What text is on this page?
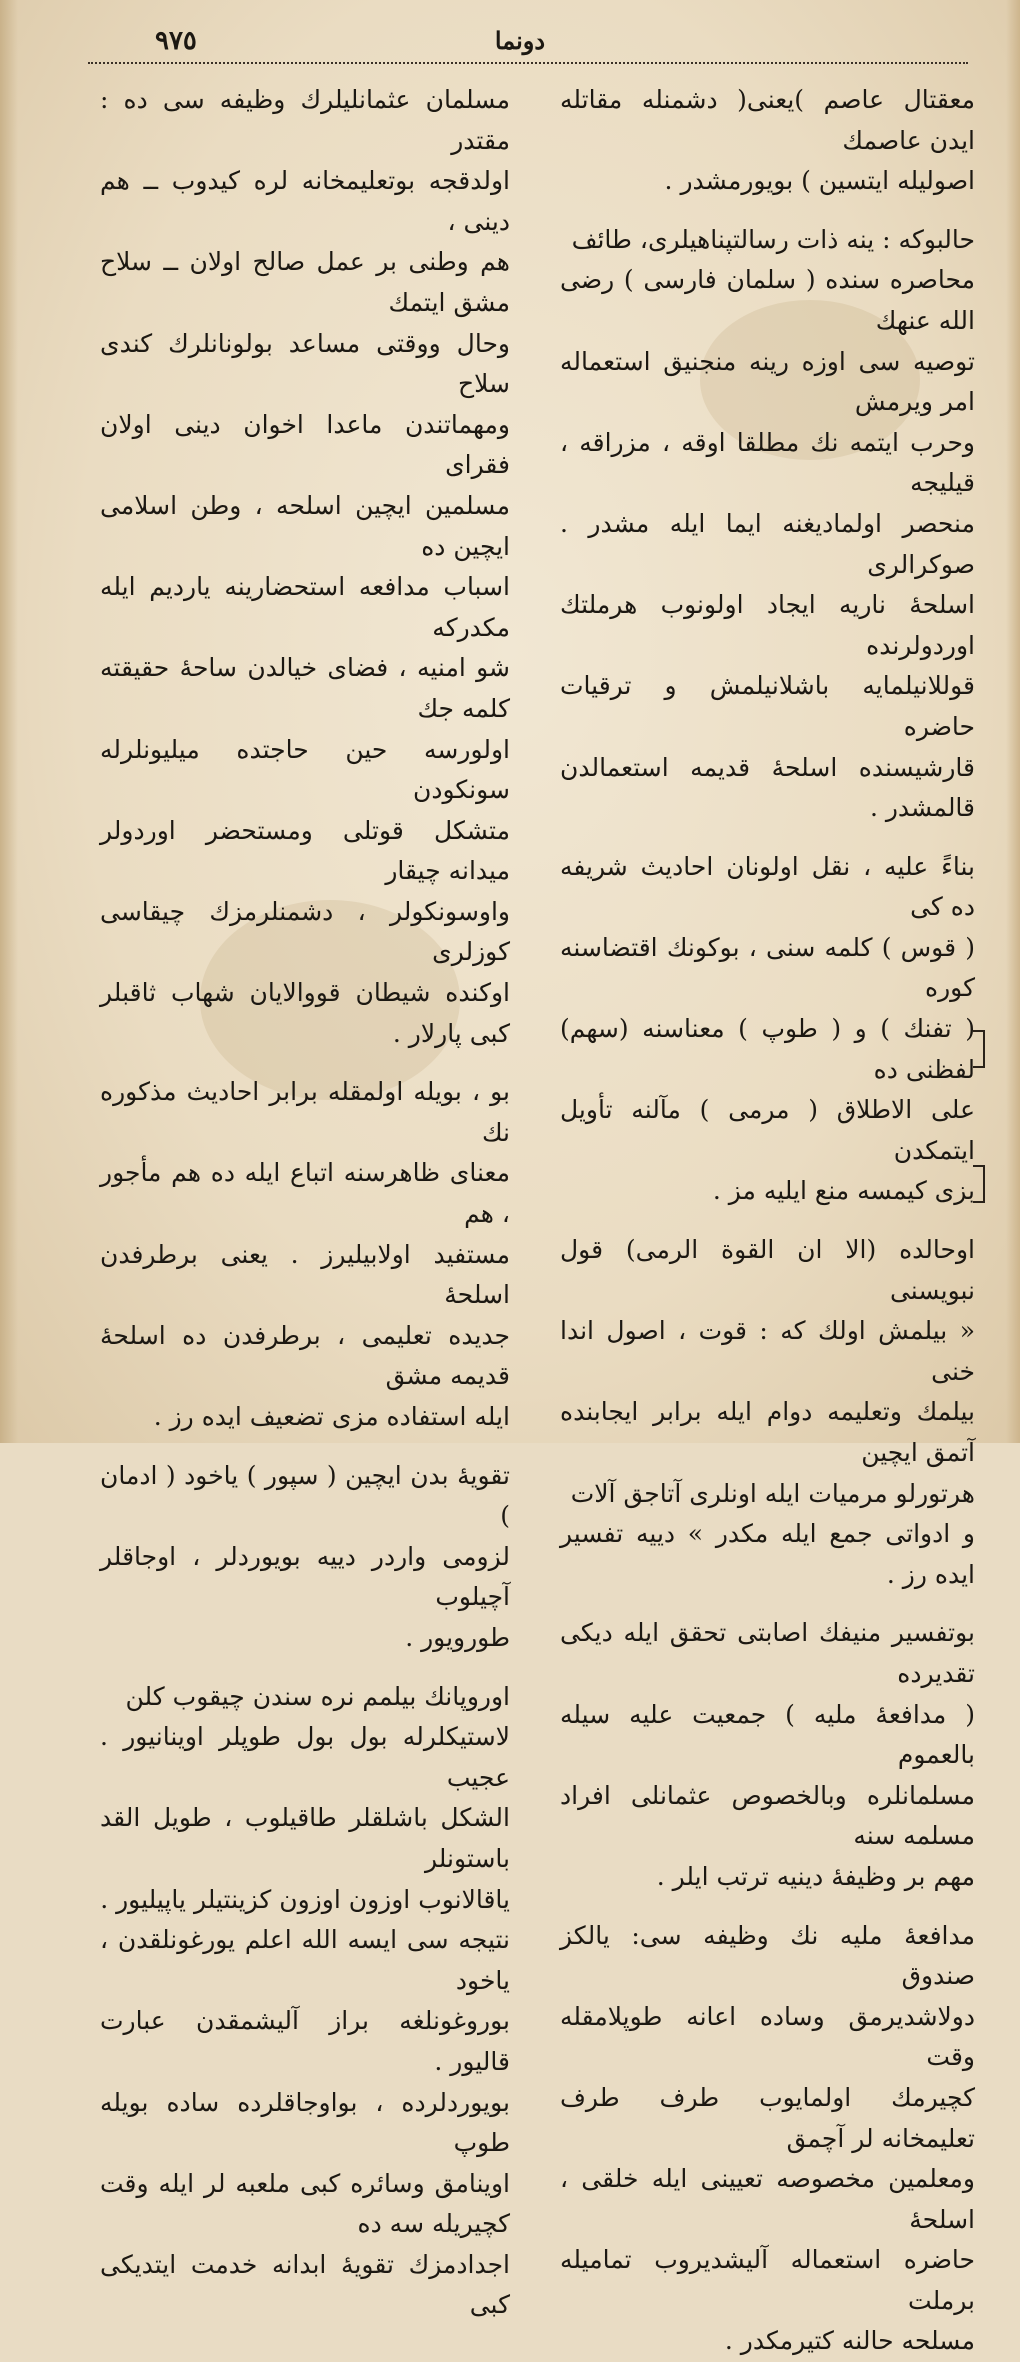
٩٧٥	دونما

معقتال عاصم )یعنی( دشمنله مقاتله ایدن عاصمك

اصولیله ایتسین ) بویورمشدر .

حالبوکه : ینه ذات رسالتپناهیلری، طائف

محاصره سنده ( سلمان فارسی ) رضی الله عنهك

توصیه سی اوزه رینه منجنیق استعماله امر ویرمش

وحرب ایتمه نك مطلقا اوقه ، مزراقه ، قیلیجه

منحصر اولمادیغنه ایما ایله مشدر . صوکرالری

اسلحهٔ ناریه ایجاد اولونوب هرملتك اوردولرنده

قوللانیلمایه باشلانیلمش و ترقیات حاضره

قارشیسنده اسلحهٔ قدیمه استعمالدن قالمشدر .

بناءً علیه ، نقل اولونان احادیث شریفه ده کی

( قوس ) کلمه سنی ، بوکونك اقتضاسنه کوره

( تفنك ) و ( طوپ ) معناسنه (سهم) لفظنی ده

علی الاطلاق ( مرمی ) مآلنه تأویل ایتمکدن

بزی کیمسه منع ایلیه مز .

اوحالده (الا ان القوة الرمی) قول نبویسنی

« بیلمش اولك که : قوت ، اصول اندا خنی

بیلمك وتعلیمه دوام ایله برابر ایجابنده آتمق ایچین

هرتورلو مرمیات ایله اونلری آتاجق آلات

و ادواتی جمع ایله مکدر » دییه تفسیر ایده رز .

بوتفسیر منیفك اصابتی تحقق ایله دیکی تقدیرده

( مدافعهٔ ملیه ) جمعیت علیه سیله بالعموم

مسلمانلره وبالخصوص عثمانلی افراد مسلمه سنه

مهم بر وظیفهٔ دینیه ترتب ایلر .

مدافعهٔ ملیه نك وظیفه سی: یالکز صندوق

دولاشدیرمق وساده اعانه طوپلامقله وقت

کچیرمك اولمایوب طرف طرف تعلیمخانه لر آچمق

ومعلمین مخصوصه تعیینی ایله خلقی ، اسلحهٔ

حاضره استعماله آلیشدیروب تمامیله برملت

مسلحه حالنه کتیرمکدر .

مسلمان عثمانلیلرك وظیفه سی ده : مقتدر

اولدقجه بوتعلیمخانه لره کیدوب ــ هم دینی ،

هم وطنی بر عمل صالح اولان ــ سلاح مشق ایتمك

وحال ووقتی مساعد بولونانلرك کندی سلاح

ومهماتندن ماعدا اخوان دینی اولان فقرای

مسلمین ایچین اسلحه ، وطن اسلامی ایچین ده

اسباب مدافعه استحضارینه یاردیم ایله مکدرکه

شو امنیه ، فضای خیالدن ساحهٔ حقیقته کلمه جك

اولورسه حین حاجتده میلیونلرله سونکودن

متشکل قوتلی ومستحضر اوردولر میدانه چیقار

واوسونکولر ، دشمنلرمزك چیقاسی کوزلری

اوکنده شیطان قووالایان شهاب ثاقبلر کبی پارلار .

بو ، بویله اولمقله برابر احادیث مذکوره نك

معنای ظاهرسنه اتباع ایله ده هم مأجور ، هم

مستفید اولابیلیرز . یعنی برطرفدن اسلحهٔ

جدیده تعلیمی ، برطرفدن ده اسلحهٔ قدیمه مشق

ایله استفاده مزی تضعیف ایده رز .

تقویهٔ بدن ایچین ( سپور ) یاخود ( ادمان )

لزومی واردر دییه بویوردلر ، اوجاقلر آچیلوب

طورویور .

اوروپانك بیلمم نره سندن چیقوب کلن

لاستیکلرله بول بول طوپلر اوینانیور . عجیب

الشکل باشلقلر طاقیلوب ، طویل القد باستونلر

یاقالانوب اوزون اوزون کزینتیلر یاپیلیور .

نتیجه سی ایسه الله اعلم یورغونلقدن ، یاخود

بوروغونلغه براز آلیشمقدن عبارت قالیور .

بویوردلرده ، بواوجاقلرده ساده بویله طوپ

اوینامق وسائره کبی ملعبه لر ایله وقت کچیریله سه ده

اجدادمزك تقویهٔ ابدانه خدمت ایتدیکی کبی
